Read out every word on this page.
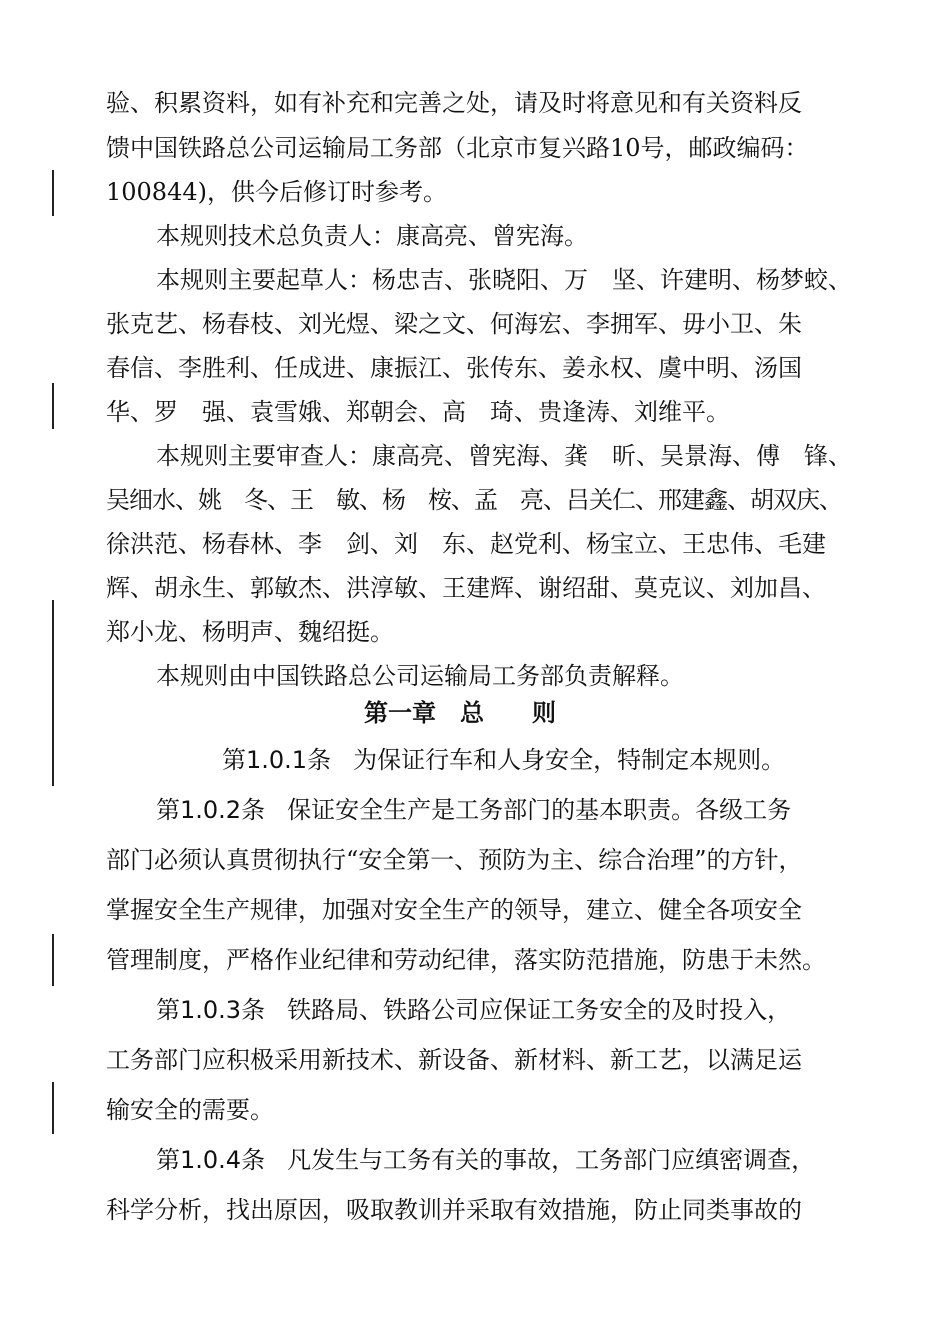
验、积累资料，如有补充和完善之处，请及时将意见和有关资料反
馈中国铁路总公司运输局工务部（北京市复兴路10号，邮政编码：
100844)，供今后修订时参考。
本规则技术总负责人：康高亮、曾宪海。
本规则主要起草人：杨忠吉、张晓阳、万　坚、许建明、杨梦蛟、
张克艺、杨春枝、刘光煜、梁之文、何海宏、李拥军、毋小卫、朱
春信、李胜利、任成进、康振江、张传东、姜永权、虞中明、汤国
华、罗　强、袁雪娥、郑朝会、高　琦、贵逢涛、刘维平。
本规则主要审查人：康高亮、曾宪海、龚　昕、吴景海、傅　锋、
吴细水、姚　冬、王　敏、杨　桉、孟　亮、吕关仁、邢建鑫、胡双庆、
徐洪范、杨春林、李　剑、刘　东、赵党利、杨宝立、王忠伟、毛建
辉、胡永生、郭敏杰、洪淳敏、王建辉、谢绍甜、莫克议、刘加昌、
郑小龙、杨明声、魏绍挺。
本规则由中国铁路总公司运输局工务部负责解释。
第一章　总　　则
第1.0.1条 为保证行车和人身安全，特制定本规则。
第1.0.2条 保证安全生产是工务部门的基本职责。各级工务
部门必须认真贯彻执行“安全第一、预防为主、综合治理”的方针，
掌握安全生产规律，加强对安全生产的领导，建立、健全各项安全
管理制度，严格作业纪律和劳动纪律，落实防范措施，防患于未然。
第1.0.3条 铁路局、铁路公司应保证工务安全的及时投入，
工务部门应积极采用新技术、新设备、新材料、新工艺，以满足运
输安全的需要。
第1.0.4条 凡发生与工务有关的事故，工务部门应缜密调查，
科学分析，找出原因，吸取教训并采取有效措施，防止同类事故的
